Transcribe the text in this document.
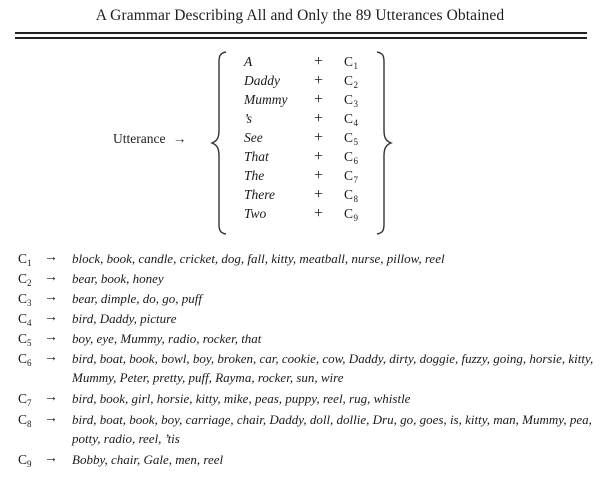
A Grammar Describing All and Only the 89 Utterances Obtained
Utterance →
A	+ $C_1$
Daddy	+ $C_2$
Mummy	+ $C_3$
’s	+ $C_4$
See	+ $C_5$
That	+ $C_6$
The	+ $C_7$
There	+ $C_8$
Two	+ $C_9$
$C_1$ → block, book, candle, cricket, dog, fall, kitty, meatball, nurse, pillow, reel
$C_2$ → bear, book, honey
$C_3$ → bear, dimple, do, go, puff
$C_4$ → bird, Daddy, picture
$C_5$ → boy, eye, Mummy, radio, rocker, that
$C_6$ → bird, boat, book, bowl, boy, broken, car, cookie, cow, Daddy, dirty, doggie, fuzzy, going, horsie, kitty, Mummy, Peter, pretty, puff, Rayma, rocker, sun, wire
$C_7$ → bird, book, girl, horsie, kitty, mike, peas, puppy, reel, rug, whistle
$C_8$ → bird, boat, book, boy, carriage, chair, Daddy, doll, dollie, Dru, go, goes, is, kitty, man, Mummy, pea, potty, radio, reel, ’tis
$C_9$ → Bobby, chair, Gale, men, reel
